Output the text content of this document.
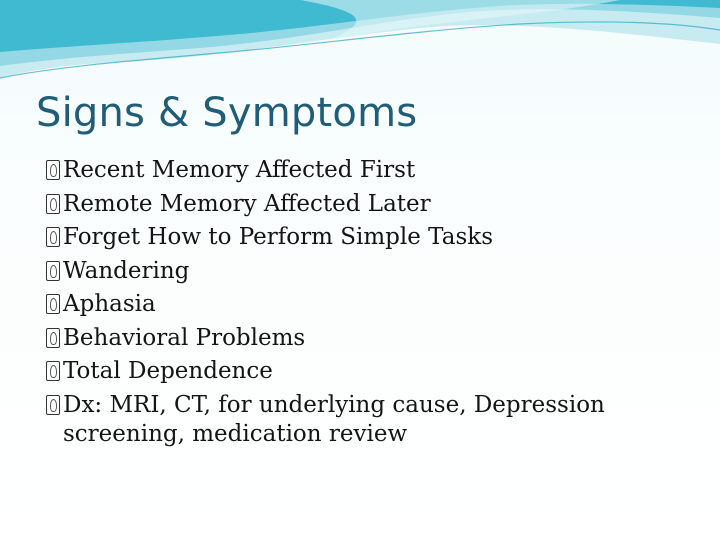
Signs & Symptoms
Recent Memory Affected First
Remote Memory Affected Later
Forget How to Perform Simple Tasks
Wandering
Aphasia
Behavioral Problems
Total Dependence
Dx: MRI, CT, for underlying cause, Depression screening, medication review
